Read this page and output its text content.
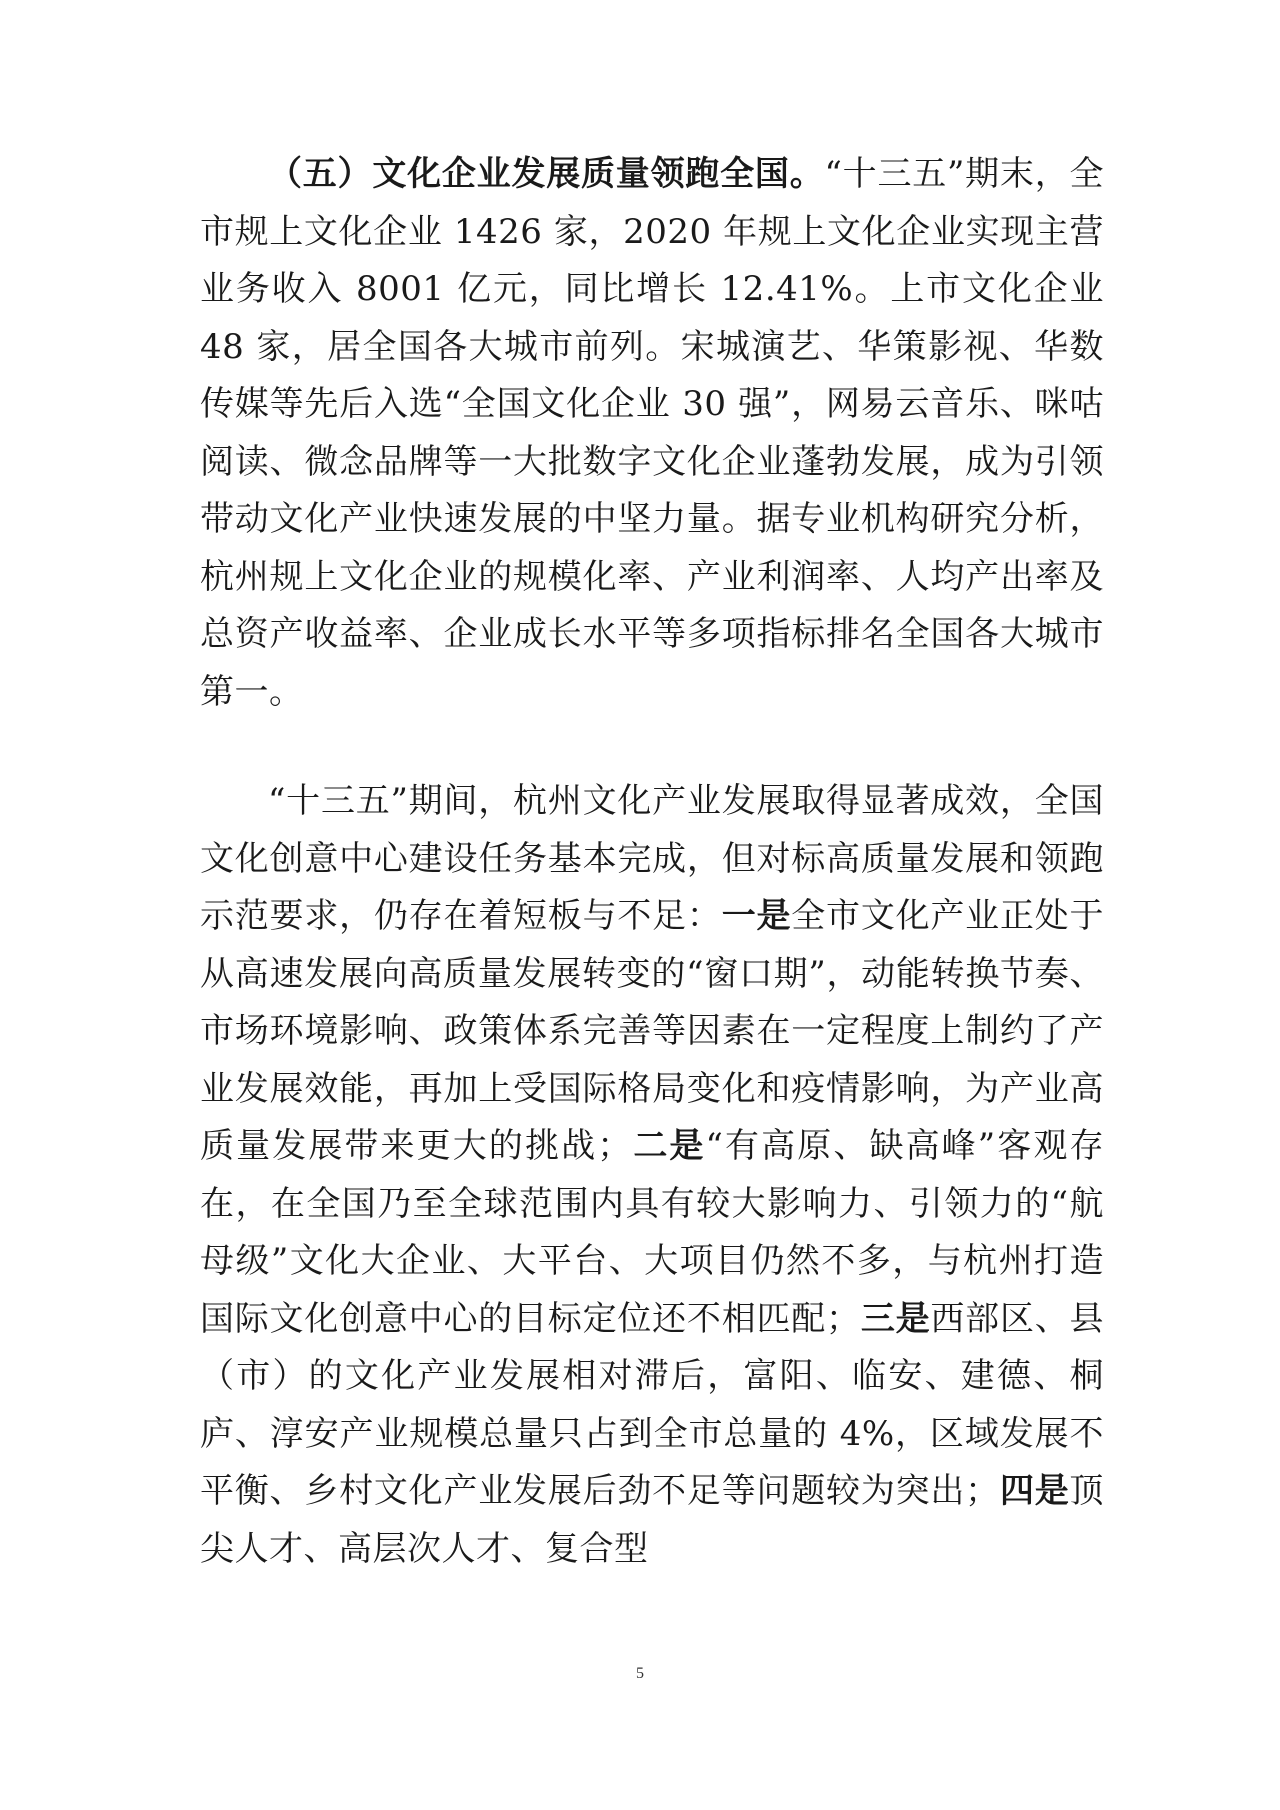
（五）文化企业发展质量领跑全国。“十三五”期末，全市规上文化企业 1426 家，2020 年规上文化企业实现主营业务收入 8001 亿元，同比增长 12.41%。上市文化企业 48 家，居全国各大城市前列。宋城演艺、华策影视、华数传媒等先后入选“全国文化企业 30 强”，网易云音乐、咪咕阅读、微念品牌等一大批数字文化企业蓬勃发展，成为引领带动文化产业快速发展的中坚力量。据专业机构研究分析，杭州规上文化企业的规模化率、产业利润率、人均产出率及总资产收益率、企业成长水平等多项指标排名全国各大城市第一。

“十三五”期间，杭州文化产业发展取得显著成效，全国文化创意中心建设任务基本完成，但对标高质量发展和领跑示范要求，仍存在着短板与不足：一是全市文化产业正处于从高速发展向高质量发展转变的“窗口期”，动能转换节奏、市场环境影响、政策体系完善等因素在一定程度上制约了产业发展效能，再加上受国际格局变化和疫情影响，为产业高质量发展带来更大的挑战；二是“有高原、缺高峰”客观存在，在全国乃至全球范围内具有较大影响力、引领力的“航母级”文化大企业、大平台、大项目仍然不多，与杭州打造国际文化创意中心的目标定位还不相匹配；三是西部区、县（市）的文化产业发展相对滞后，富阳、临安、建德、桐庐、淳安产业规模总量只占到全市总量的 4%，区域发展不平衡、乡村文化产业发展后劲不足等问题较为突出；四是顶尖人才、高层次人才、复合型

5
